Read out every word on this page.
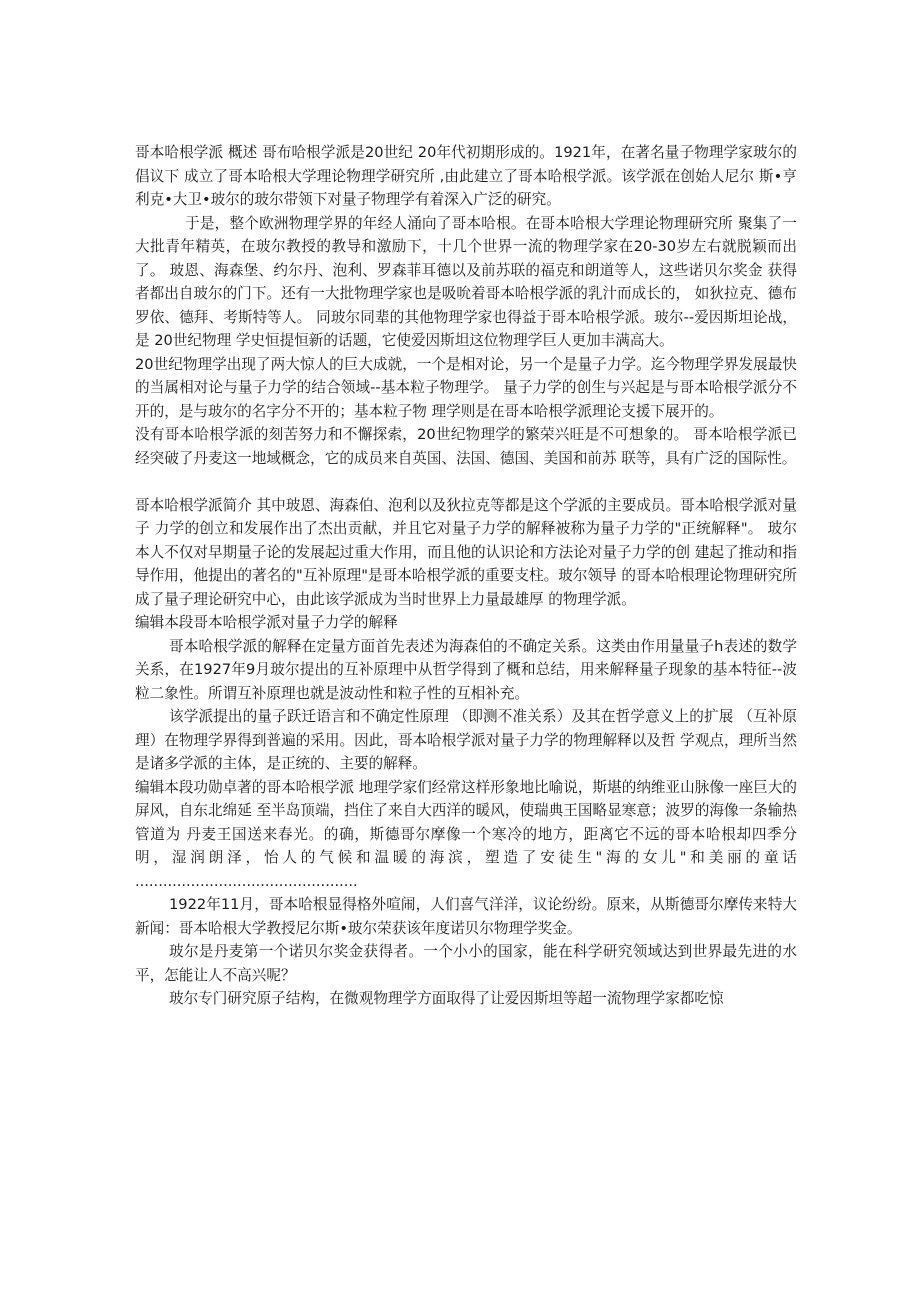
哥本哈根学派 概述 哥布哈根学派是20世纪 20年代初期形成的。1921年，在著名量子物理学家玻尔的倡议下 成立了哥本哈根大学理论物理学研究所 ,由此建立了哥本哈根学派。该学派在创始人尼尔 斯•亨利克•大卫•玻尔的玻尔带领下对量子物理学有着深入广泛的研究。

于是，整个欧洲物理学界的年经人涌向了哥本哈根。在哥本哈根大学理论物理研究所 聚集了一大批青年精英，在玻尔教授的教导和激励下，十几个世界一流的物理学家在20-30岁左右就脱颖而出了。 玻恩、海森堡、约尔丹、泡利、罗森菲耳德以及前苏联的福克和朗道等人，这些诺贝尔奖金 获得者都出自玻尔的门下。还有一大批物理学家也是吸吮着哥本哈根学派的乳汁而成长的， 如狄拉克、德布罗依、德拜、考斯特等人。 同玻尔同辈的其他物理学家也得益于哥本哈根学派。玻尔--爱因斯坦论战，是 20世纪物理 学史恒提恒新的话题，它使爱因斯坦这位物理学巨人更加丰满高大。

20世纪物理学出现了两大惊人的巨大成就，一个是相对论，另一个是量子力学。迄今物理学界发展最快的当属相对论与量子力学的结合领域--基本粒子物理学。 量子力学的创生与兴起是与哥本哈根学派分不开的，是与玻尔的名字分不开的；基本粒子物 理学则是在哥本哈根学派理论支援下展开的。

没有哥本哈根学派的刻苦努力和不懈探索，20世纪物理学的繁荣兴旺是不可想象的。 哥本哈根学派已经突破了丹麦这一地域概念，它的成员来自英国、法国、德国、美国和前苏 联等，具有广泛的国际性。

哥本哈根学派简介 其中玻恩、海森伯、泡利以及狄拉克等都是这个学派的主要成员。哥本哈根学派对量子 力学的创立和发展作出了杰出贡献，并且它对量子力学的解释被称为量子力学的"正统解释"。 玻尔本人不仅对早期量子论的发展起过重大作用，而且他的认识论和方法论对量子力学的创 建起了推动和指导作用，他提出的著名的"互补原理"是哥本哈根学派的重要支柱。玻尔领导 的哥本哈根理论物理研究所成了量子理论研究中心，由此该学派成为当时世界上力量最雄厚 的物理学派。

编辑本段哥本哈根学派对量子力学的解释

哥本哈根学派的解释在定量方面首先表述为海森伯的不确定关系。这类由作用量量子h表述的数学关系，在1927年9月玻尔提出的互补原理中从哲学得到了概和总结，用来解释量子现象的基本特征--波粒二象性。所谓互补原理也就是波动性和粒子性的互相补充。

该学派提出的量子跃迁语言和不确定性原理 （即测不准关系）及其在哲学意义上的扩展 （互补原理）在物理学界得到普遍的采用。因此，哥本哈根学派对量子力学的物理解释以及哲 学观点，理所当然是诸多学派的主体，是正统的、主要的解释。

编辑本段功勋卓著的哥本哈根学派 地理学家们经常这样形象地比喻说，斯堪的纳维亚山脉像一座巨大的屏风，自东北绵延 至半岛顶端，挡住了来自大西洋的暖风，使瑞典王国略显寒意；波罗的海像一条输热管道为 丹麦王国送来春光。的确，斯德哥尔摩像一个寒冷的地方，距离它不远的哥本哈根却四季分 明，湿润朗泽，怡人的气候和温暖的海滨，塑造了安徒生"海的女儿"和美丽的童话 ................................................

1922年11月，哥本哈根显得格外喧闹，人们喜气洋洋，议论纷纷。原来，从斯德哥尔摩传来特大新闻：哥本哈根大学教授尼尔斯•玻尔荣获该年度诺贝尔物理学奖金。

玻尔是丹麦第一个诺贝尔奖金获得者。一个小小的国家，能在科学研究领域达到世界最先进的水平，怎能让人不高兴呢？

玻尔专门研究原子结构，在微观物理学方面取得了让爱因斯坦等超一流物理学家都吃惊
